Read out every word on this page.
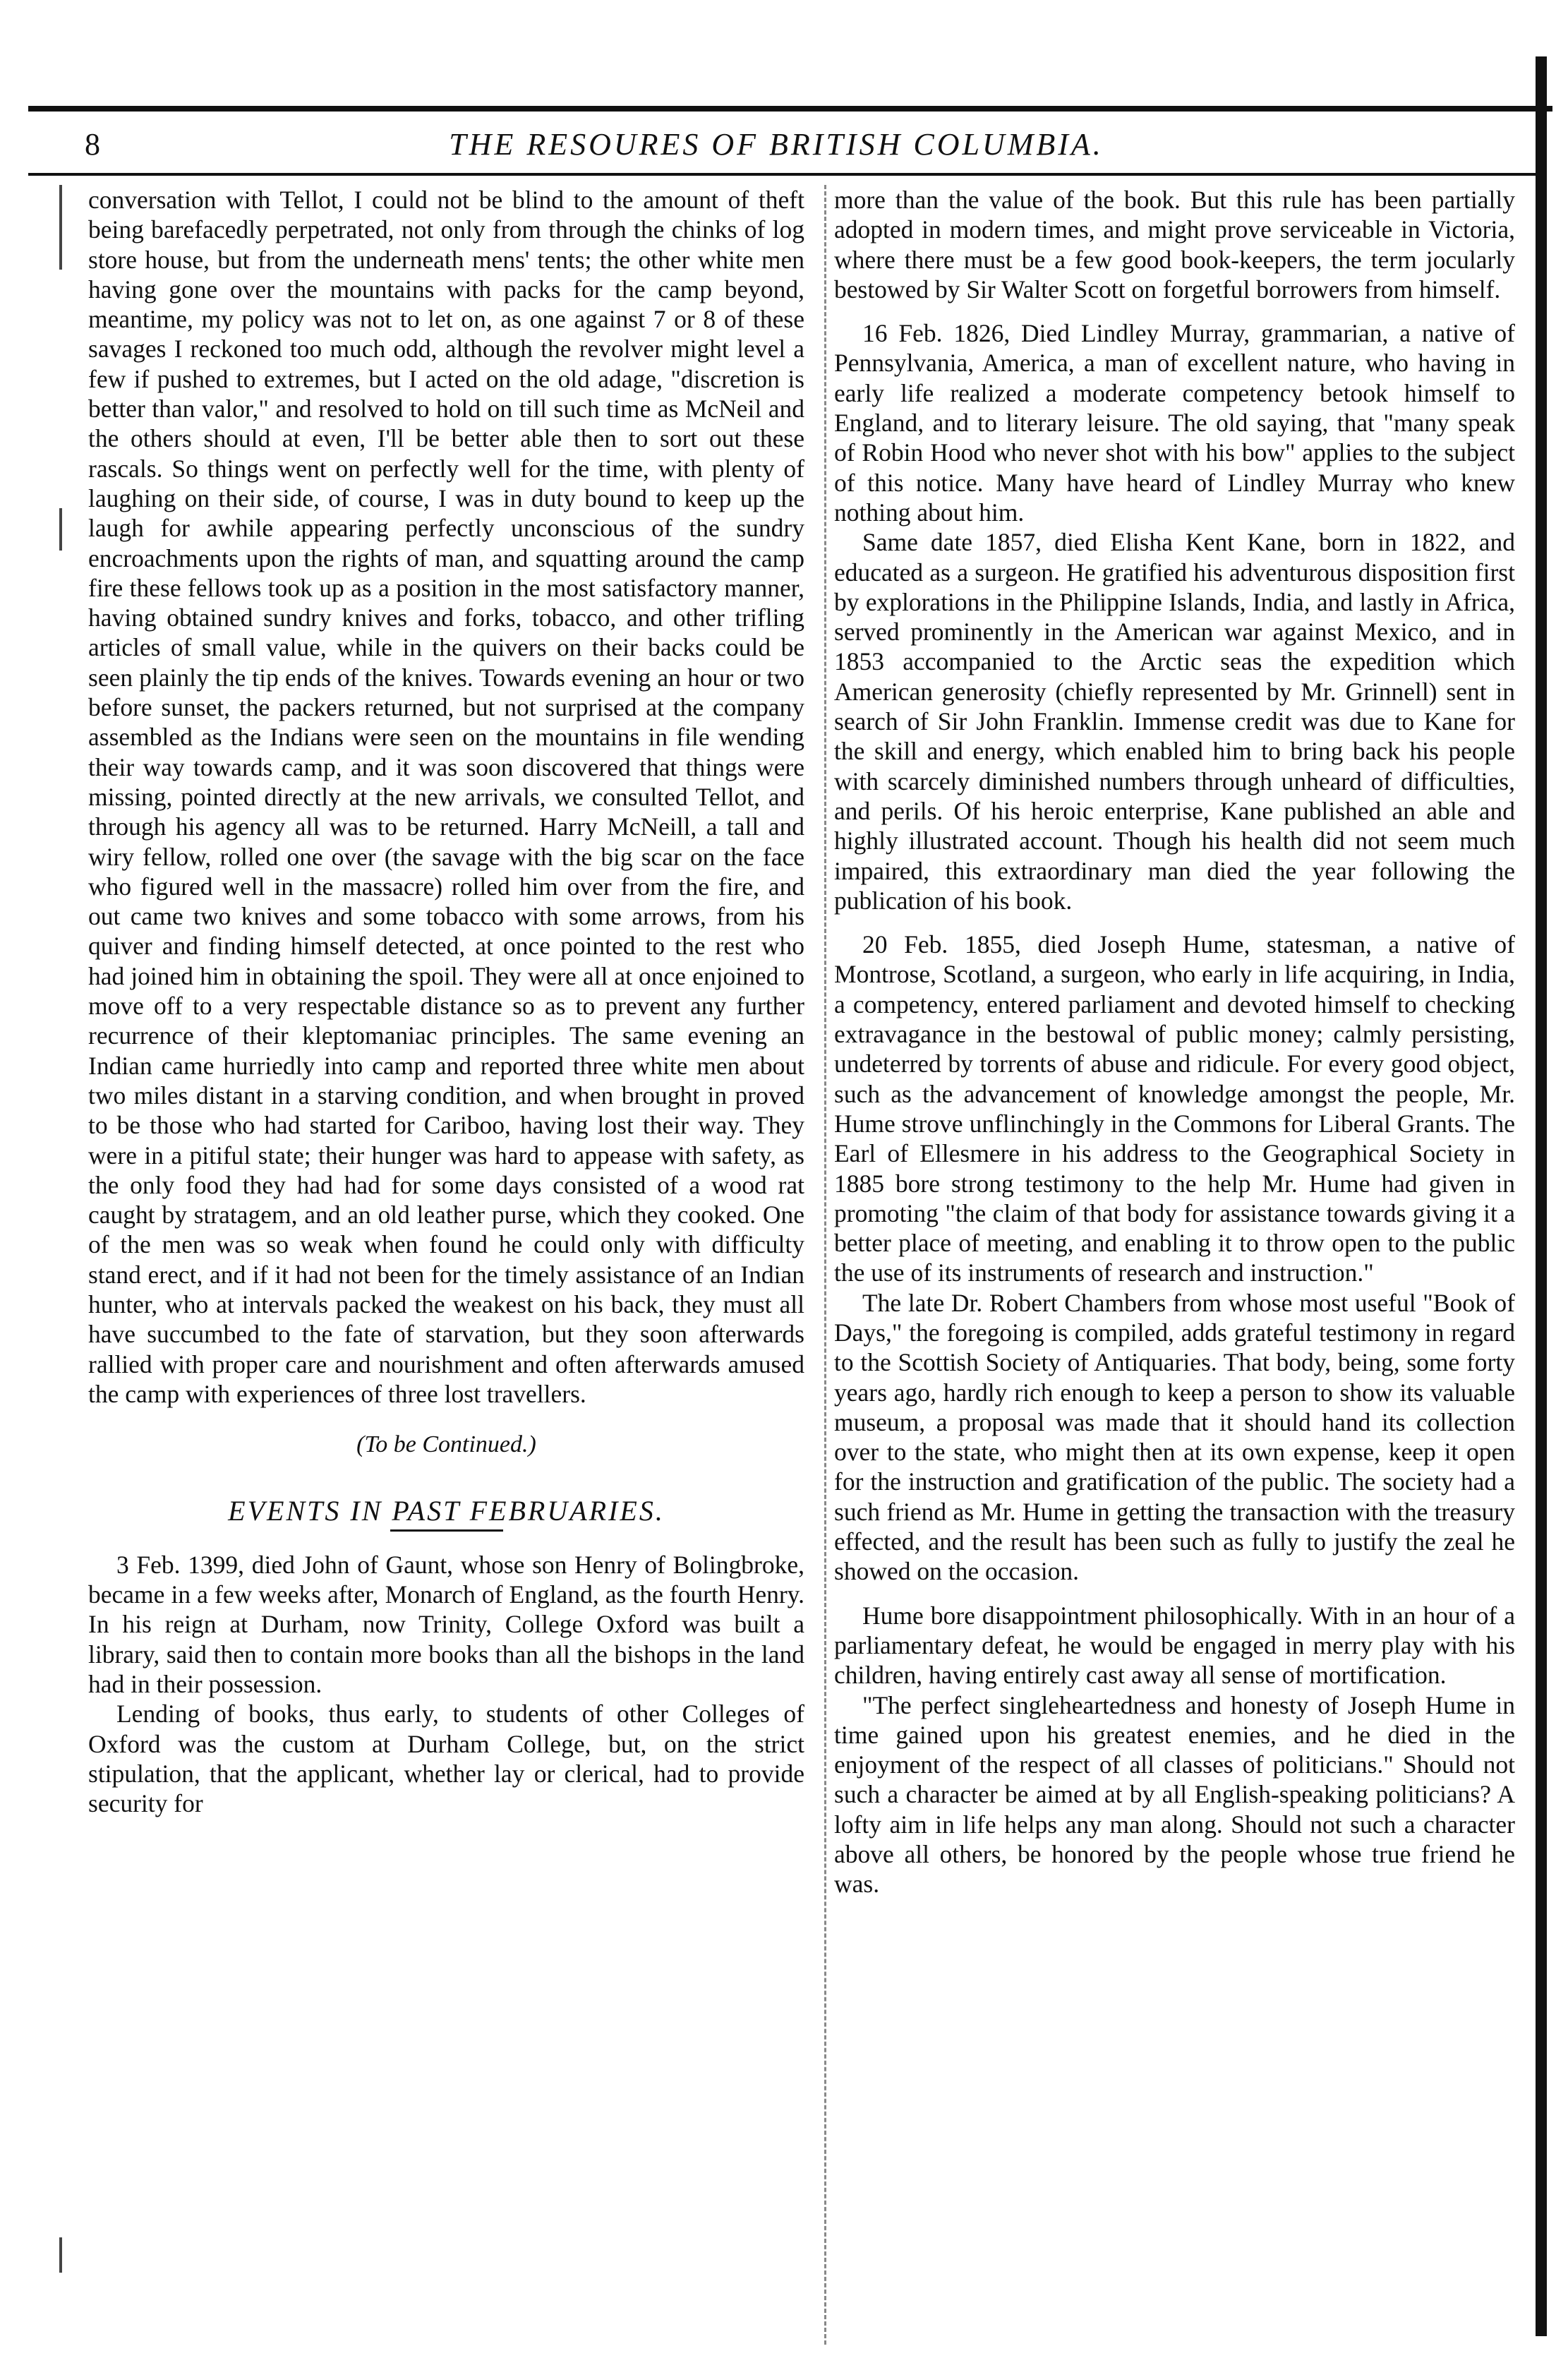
8	THE RESOURES OF BRITISH COLUMBIA.

conversation with Tellot, I could not be blind to the amount of theft being barefacedly perpetrated, not only from through the chinks of log store house, but from the underneath mens' tents; the other white men having gone over the mountains with packs for the camp beyond, meantime, my policy was not to let on, as one against 7 or 8 of these savages I reckoned too much odd, although the revolver might level a few if pushed to extremes, but I acted on the old adage, "discretion is better than valor," and resolved to hold on till such time as McNeil and the others should at even, I'll be better able then to sort out these rascals. So things went on perfectly well for the time, with plenty of laughing on their side, of course, I was in duty bound to keep up the laugh for awhile appearing perfectly unconscious of the sundry encroachments upon the rights of man, and squatting around the camp fire these fellows took up as a position in the most satisfactory manner, having obtained sundry knives and forks, tobacco, and other trifling articles of small value, while in the quivers on their backs could be seen plainly the tip ends of the knives. Towards evening an hour or two before sunset, the packers returned, but not surprised at the company assembled as the Indians were seen on the mountains in file wending their way towards camp, and it was soon discovered that things were missing, pointed directly at the new arrivals, we consulted Tellot, and through his agency all was to be returned. Harry McNeill, a tall and wiry fellow, rolled one over (the savage with the big scar on the face who figured well in the massacre) rolled him over from the fire, and out came two knives and some tobacco with some arrows, from his quiver and finding himself detected, at once pointed to the rest who had joined him in obtaining the spoil. They were all at once enjoined to move off to a very respectable distance so as to prevent any further recurrence of their kleptomaniac principles. The same evening an Indian came hurriedly into camp and reported three white men about two miles distant in a starving condition, and when brought in proved to be those who had started for Cariboo, having lost their way. They were in a pitiful state; their hunger was hard to appease with safety, as the only food they had had for some days consisted of a wood rat caught by stratagem, and an old leather purse, which they cooked. One of the men was so weak when found he could only with difficulty stand erect, and if it had not been for the timely assistance of an Indian hunter, who at intervals packed the weakest on his back, they must all have succumbed to the fate of starvation, but they soon afterwards rallied with proper care and nourishment and often afterwards amused the camp with experiences of three lost travellers.

(To be Continued.)
EVENTS IN PAST FEBRUARIES.

3 Feb. 1399, died John of Gaunt, whose son Henry of Bolingbroke, became in a few weeks after, Monarch of England, as the fourth Henry. In his reign at Durham, now Trinity, College Oxford was built a library, said then to contain more books than all the bishops in the land had in their possession.

Lending of books, thus early, to students of other Colleges of Oxford was the custom at Durham College, but, on the strict stipulation, that the applicant, whether lay or clerical, had to provide security for

more than the value of the book. But this rule has been partially adopted in modern times, and might prove serviceable in Victoria, where there must be a few good book-keepers, the term jocularly bestowed by Sir Walter Scott on forgetful borrowers from himself.

16 Feb. 1826, Died Lindley Murray, grammarian, a native of Pennsylvania, America, a man of excellent nature, who having in early life realized a moderate competency betook himself to England, and to literary leisure. The old saying, that "many speak of Robin Hood who never shot with his bow" applies to the subject of this notice. Many have heard of Lindley Murray who knew nothing about him.

Same date 1857, died Elisha Kent Kane, born in 1822, and educated as a surgeon. He gratified his adventurous disposition first by explorations in the Philippine Islands, India, and lastly in Africa, served prominently in the American war against Mexico, and in 1853 accompanied to the Arctic seas the expedition which American generosity (chiefly represented by Mr. Grinnell) sent in search of Sir John Franklin. Immense credit was due to Kane for the skill and energy, which enabled him to bring back his people with scarcely diminished numbers through unheard of difficulties, and perils. Of his heroic enterprise, Kane published an able and highly illustrated account. Though his health did not seem much impaired, this extraordinary man died the year following the publication of his book.

20 Feb. 1855, died Joseph Hume, statesman, a native of Montrose, Scotland, a surgeon, who early in life acquiring, in India, a competency, entered parliament and devoted himself to checking extravagance in the bestowal of public money; calmly persisting, undeterred by torrents of abuse and ridicule. For every good object, such as the advancement of knowledge amongst the people, Mr. Hume strove unflinchingly in the Commons for Liberal Grants. The Earl of Ellesmere in his address to the Geographical Society in 1885 bore strong testimony to the help Mr. Hume had given in promoting "the claim of that body for assistance towards giving it a better place of meeting, and enabling it to throw open to the public the use of its instruments of research and instruction."

The late Dr. Robert Chambers from whose most useful "Book of Days," the foregoing is compiled, adds grateful testimony in regard to the Scottish Society of Antiquaries. That body, being, some forty years ago, hardly rich enough to keep a person to show its valuable museum, a proposal was made that it should hand its collection over to the state, who might then at its own expense, keep it open for the instruction and gratification of the public. The society had a such friend as Mr. Hume in getting the transaction with the treasury effected, and the result has been such as fully to justify the zeal he showed on the occasion.

Hume bore disappointment philosophically. With in an hour of a parliamentary defeat, he would be engaged in merry play with his children, having entirely cast away all sense of mortification.

"The perfect singleheartedness and honesty of Joseph Hume in time gained upon his greatest enemies, and he died in the enjoyment of the respect of all classes of politicians." Should not such a character be aimed at by all English-speaking politicians? A lofty aim in life helps any man along. Should not such a character above all others, be honored by the people whose true friend he was.
